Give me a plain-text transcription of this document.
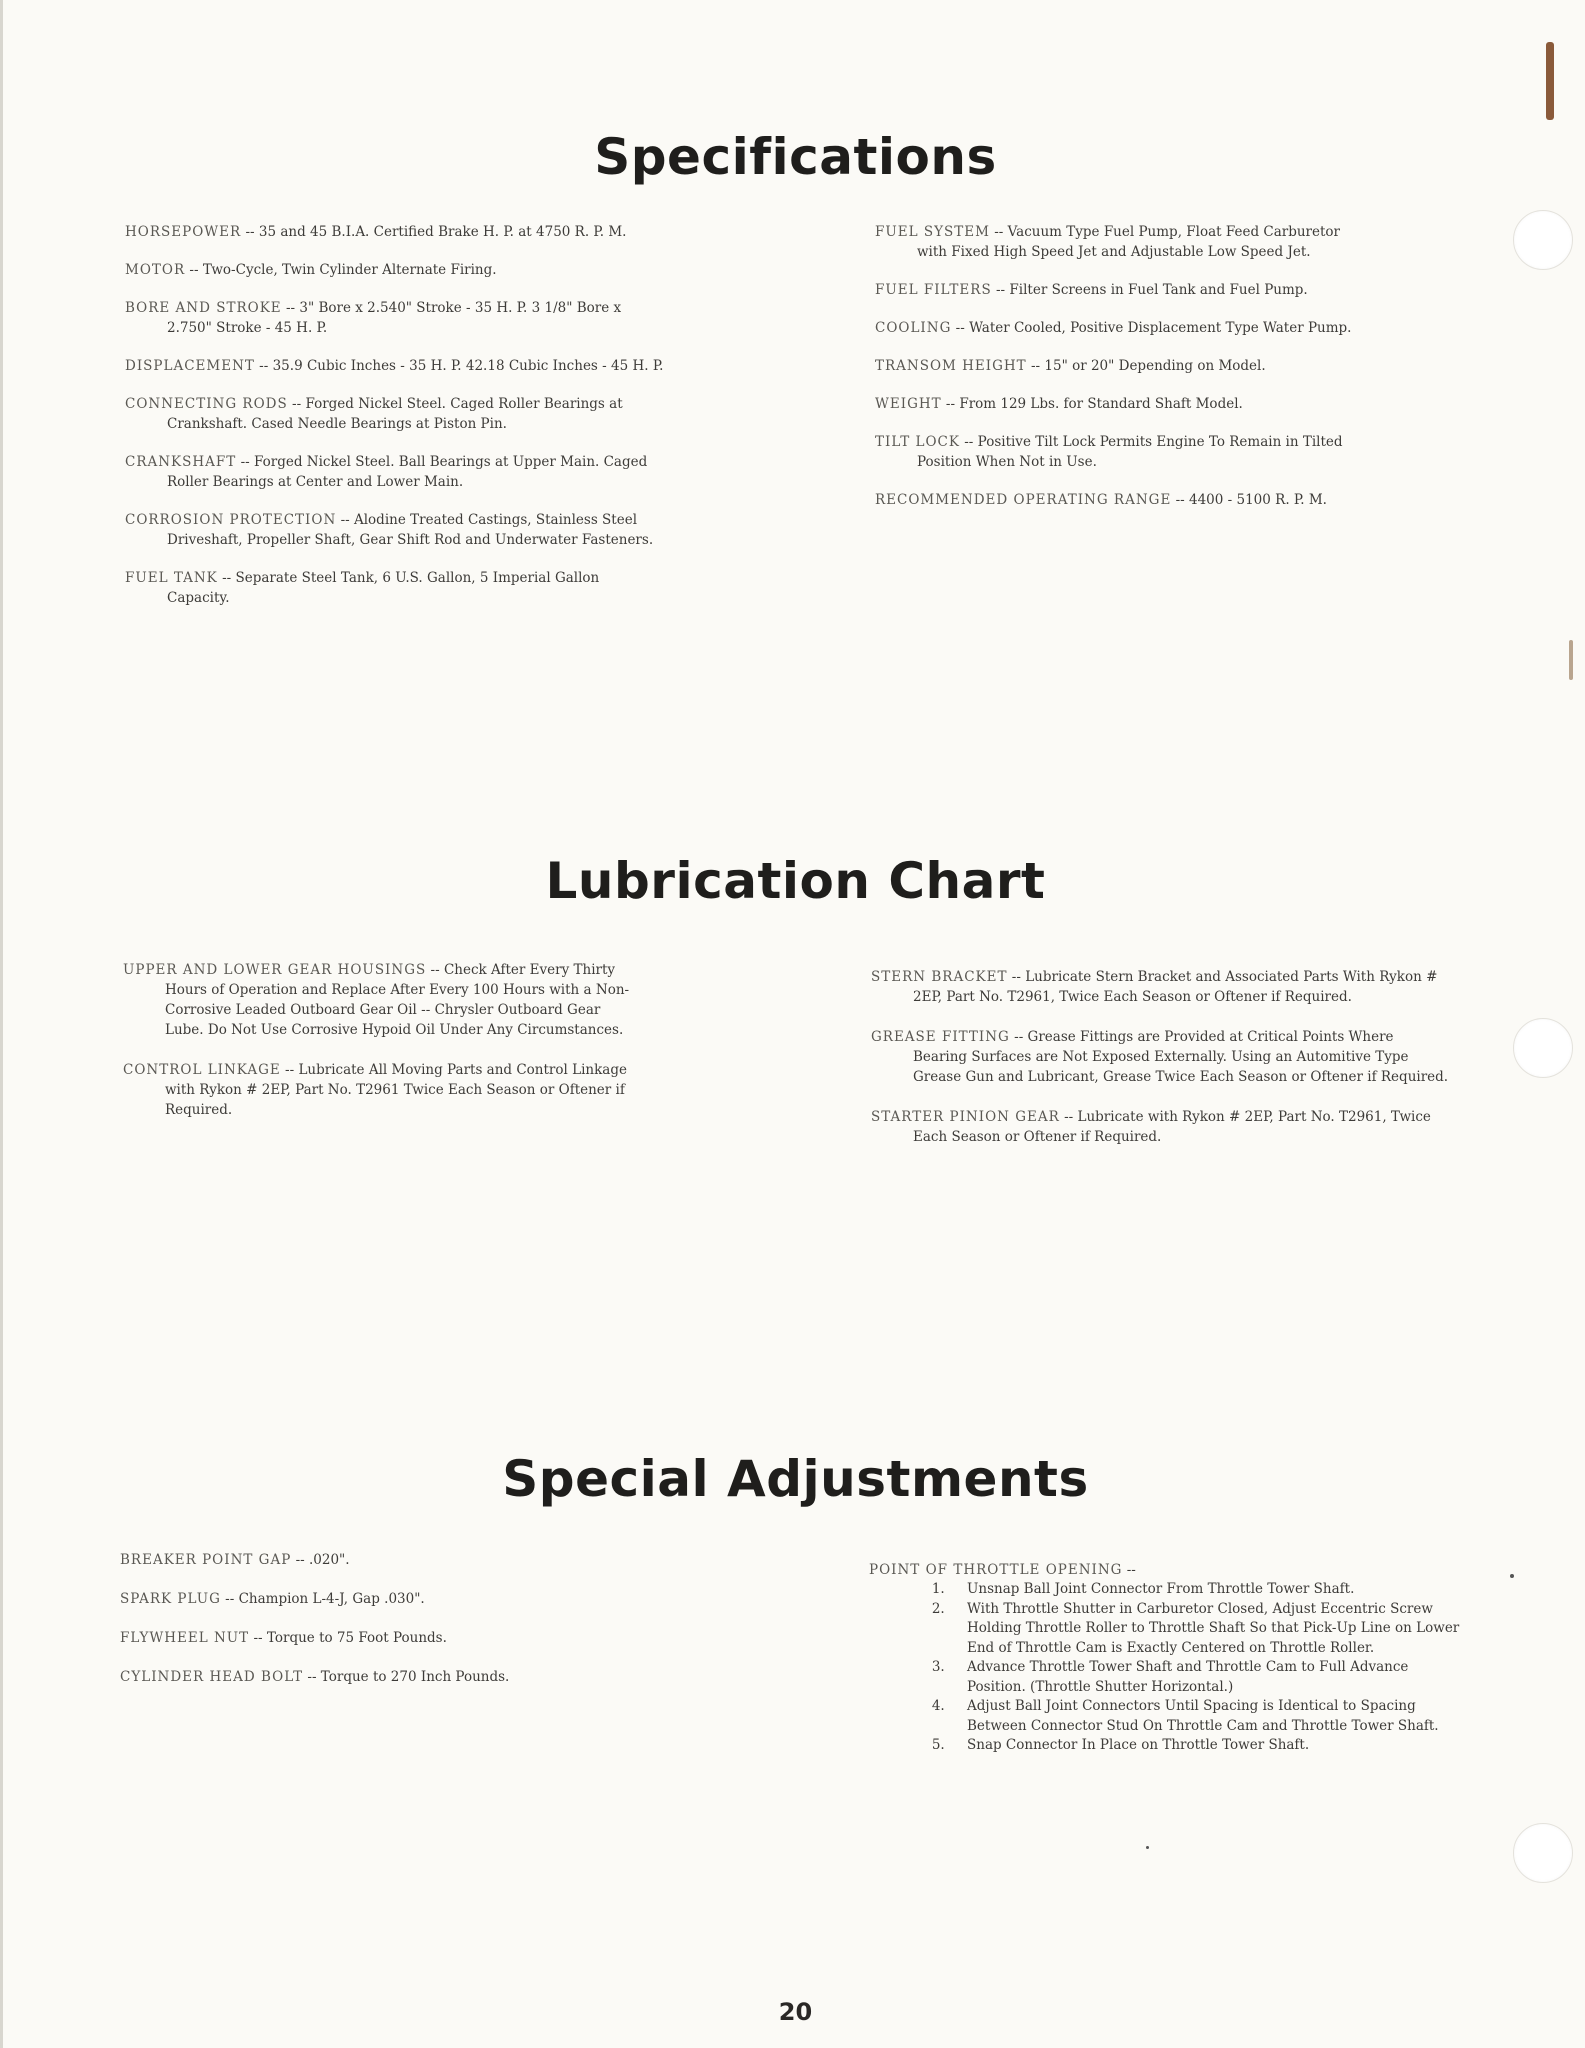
Specifications

HORSEPOWER -- 35 and 45 B.I.A. Certified Brake H. P. at 4750 R. P. M.

MOTOR -- Two-Cycle, Twin Cylinder Alternate Firing.

BORE AND STROKE -- 3" Bore x 2.540" Stroke - 35 H. P. 3 1/8" Bore x 2.750" Stroke - 45 H. P.

DISPLACEMENT -- 35.9 Cubic Inches - 35 H. P. 42.18 Cubic Inches - 45 H. P.

CONNECTING RODS -- Forged Nickel Steel. Caged Roller Bearings at Crankshaft. Cased Needle Bearings at Piston Pin.

CRANKSHAFT -- Forged Nickel Steel. Ball Bearings at Upper Main. Caged Roller Bearings at Center and Lower Main.

CORROSION PROTECTION -- Alodine Treated Castings, Stainless Steel Driveshaft, Propeller Shaft, Gear Shift Rod and Underwater Fasteners.

FUEL TANK -- Separate Steel Tank, 6 U.S. Gallon, 5 Imperial Gallon Capacity.

FUEL SYSTEM -- Vacuum Type Fuel Pump, Float Feed Carburetor with Fixed High Speed Jet and Adjustable Low Speed Jet.

FUEL FILTERS -- Filter Screens in Fuel Tank and Fuel Pump.

COOLING -- Water Cooled, Positive Displacement Type Water Pump.

TRANSOM HEIGHT -- 15" or 20" Depending on Model.

WEIGHT -- From 129 Lbs. for Standard Shaft Model.

TILT LOCK -- Positive Tilt Lock Permits Engine To Remain in Tilted Position When Not in Use.

RECOMMENDED OPERATING RANGE -- 4400 - 5100 R. P. M.

Lubrication Chart

UPPER AND LOWER GEAR HOUSINGS -- Check After Every Thirty Hours of Operation and Replace After Every 100 Hours with a Non-Corrosive Leaded Outboard Gear Oil -- Chrysler Outboard Gear Lube. Do Not Use Corrosive Hypoid Oil Under Any Circumstances.

CONTROL LINKAGE -- Lubricate All Moving Parts and Control Linkage with Rykon # 2EP, Part No. T2961 Twice Each Season or Oftener if Required.

STERN BRACKET -- Lubricate Stern Bracket and Associated Parts With Rykon # 2EP, Part No. T2961, Twice Each Season or Oftener if Required.

GREASE FITTING -- Grease Fittings are Provided at Critical Points Where Bearing Surfaces are Not Exposed Externally. Using an Automitive Type Grease Gun and Lubricant, Grease Twice Each Season or Oftener if Required.

STARTER PINION GEAR -- Lubricate with Rykon # 2EP, Part No. T2961, Twice Each Season or Oftener if Required.

Special Adjustments

BREAKER POINT GAP -- .020".

SPARK PLUG -- Champion L-4-J, Gap .030".

FLYWHEEL NUT -- Torque to 75 Foot Pounds.

CYLINDER HEAD BOLT -- Torque to 270 Inch Pounds.

POINT OF THROTTLE OPENING --

1. Unsnap Ball Joint Connector From Throttle Tower Shaft.
2. With Throttle Shutter in Carburetor Closed, Adjust Eccentric Screw Holding Throttle Roller to Throttle Shaft So that Pick-Up Line on Lower End of Throttle Cam is Exactly Centered on Throttle Roller.
3. Advance Throttle Tower Shaft and Throttle Cam to Full Advance Position. (Throttle Shutter Horizontal.)
4. Adjust Ball Joint Connectors Until Spacing is Identical to Spacing Between Connector Stud On Throttle Cam and Throttle Tower Shaft.
5. Snap Connector In Place on Throttle Tower Shaft.
20
